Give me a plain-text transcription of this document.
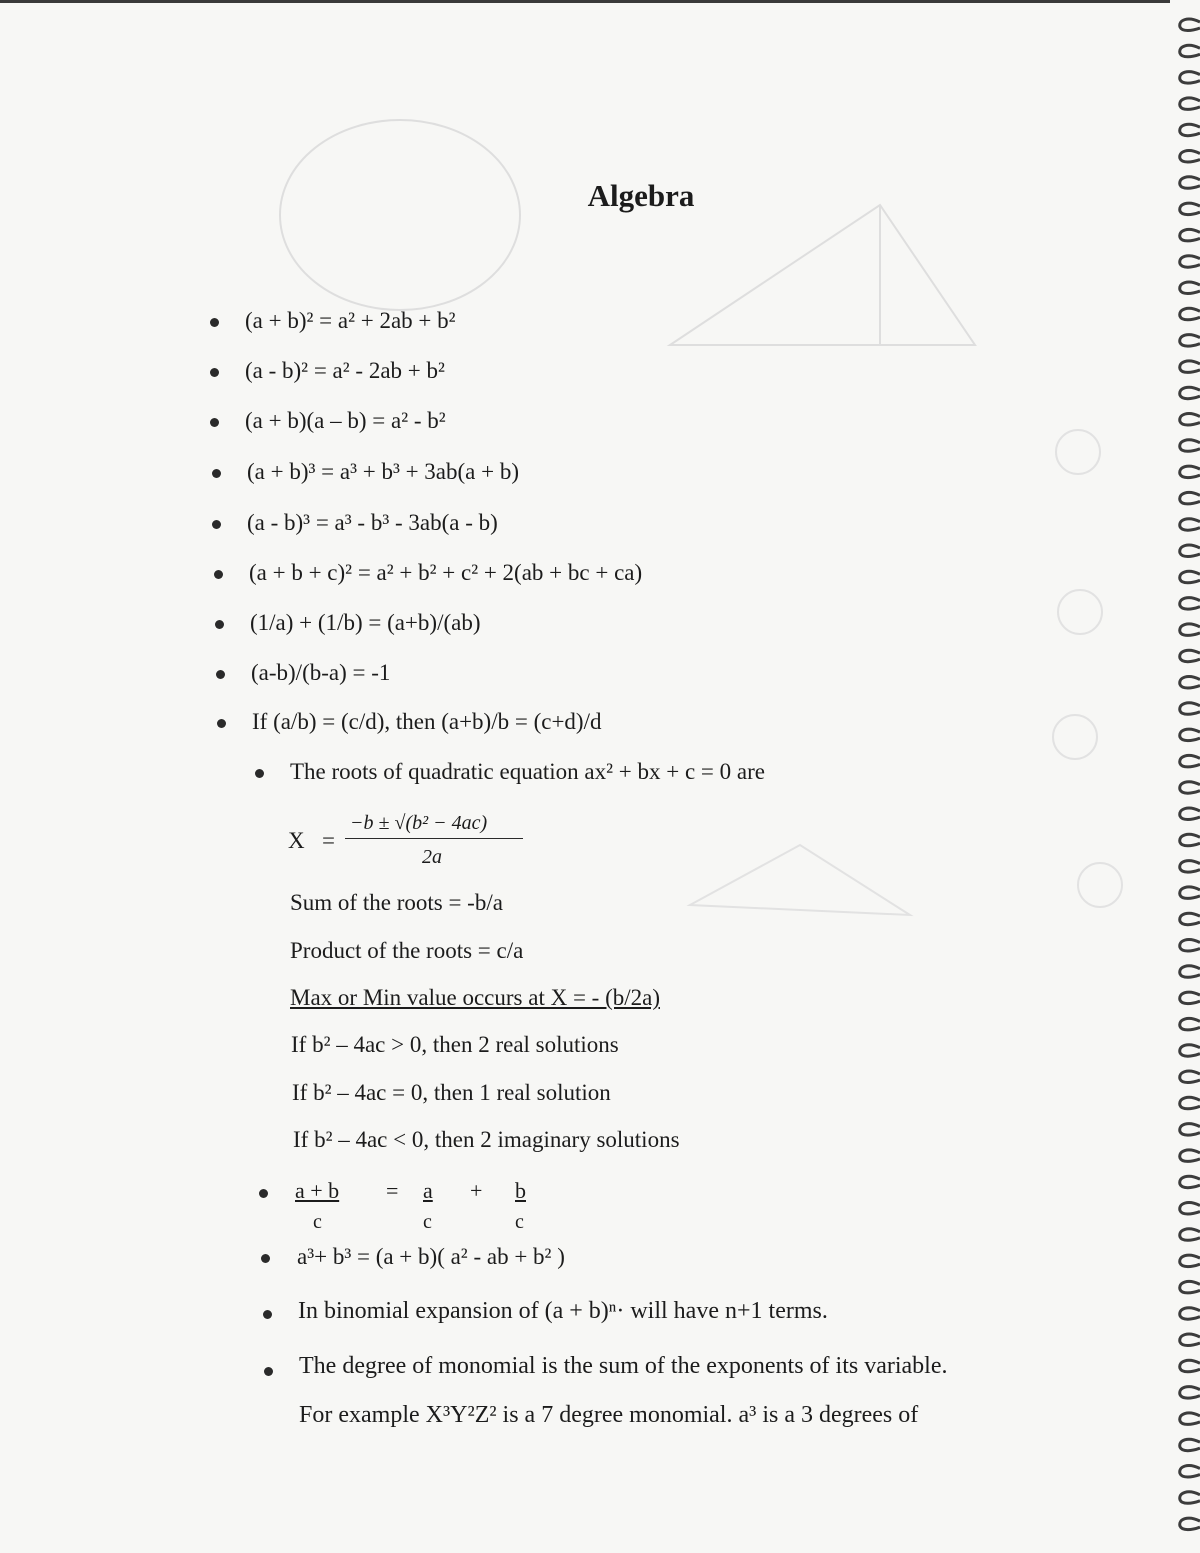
Algebra
(a + b)² = a² + 2ab + b²
(a - b)² = a² - 2ab + b²
(a + b)(a – b) = a² - b²
(a + b)³ = a³ + b³ + 3ab(a + b)
(a - b)³ = a³ - b³ - 3ab(a - b)
(a + b + c)² = a² + b² + c² + 2(ab + bc + ca)
(1/a) + (1/b) = (a+b)/(ab)
(a-b)/(b-a) = -1
If (a/b) = (c/d), then (a+b)/b = (c+d)/d
The roots of quadratic equation ax² + bx + c = 0 are
X =
−b ± √(b² − 4ac)
2a
Sum of the roots = -b/a
Product of the roots = c/a
Max or Min value occurs at X = - (b/2a)
If b² – 4ac > 0, then 2 real solutions
If b² – 4ac = 0, then 1 real solution
If b² – 4ac < 0, then 2 imaginary solutions
a + b
c
= a
c
+ b
c
a³+ b³ = (a + b)( a² - ab + b² )
In binomial expansion of (a + b)ⁿ· will have n+1 terms.
The degree of monomial is the sum of the exponents of its variable.
For example X³Y²Z² is a 7 degree monomial. a³ is a 3 degrees of
